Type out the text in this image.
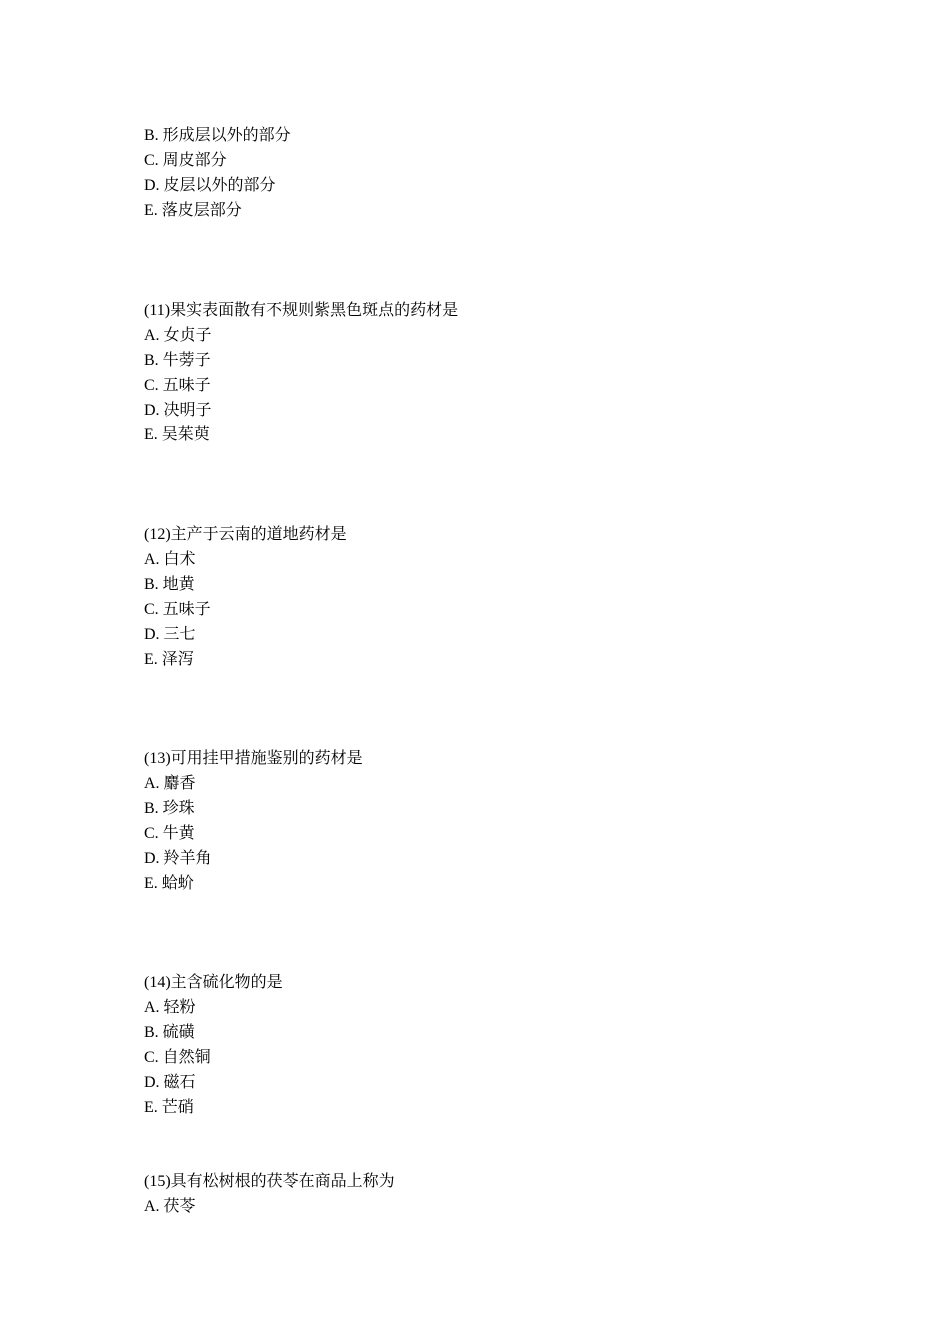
B. 形成层以外的部分
C. 周皮部分
D. 皮层以外的部分
E. 落皮层部分
(11)果实表面散有不规则紫黑色斑点的药材是
A. 女贞子
B. 牛蒡子
C. 五味子
D. 决明子
E. 吴茱萸
(12)主产于云南的道地药材是
A. 白术
B. 地黄
C. 五味子
D. 三七
E. 泽泻
(13)可用挂甲措施鉴别的药材是
A. 麝香
B. 珍珠
C. 牛黄
D. 羚羊角
E. 蛤蚧
(14)主含硫化物的是
A. 轻粉
B. 硫磺
C. 自然铜
D. 磁石
E. 芒硝
(15)具有松树根的茯苓在商品上称为
A. 茯苓
